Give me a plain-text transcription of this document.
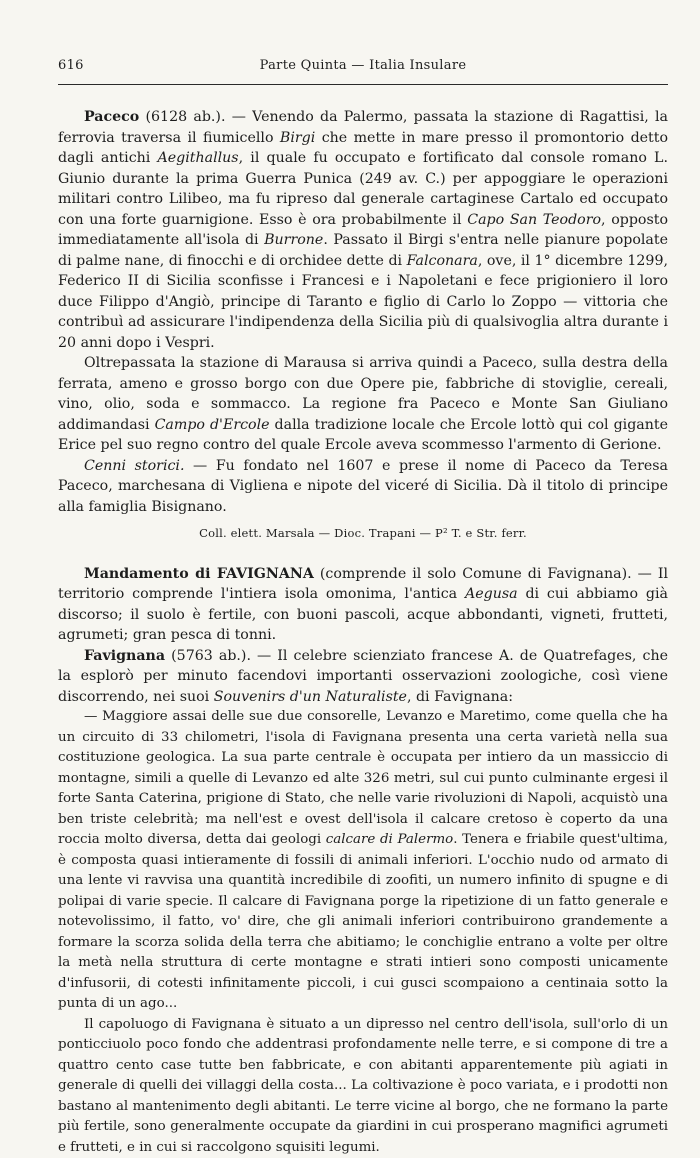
616	Parte Quinta — Italia Insulare

Paceco (6128 ab.). — Venendo da Palermo, passata la stazione di Ragattisi, la ferrovia traversa il fiumicello Birgi che mette in mare presso il promontorio detto dagli antichi Aegithallus, il quale fu occupato e fortificato dal console romano L. Giunio durante la prima Guerra Punica (249 av. C.) per appoggiare le operazioni militari contro Lilibeo, ma fu ripreso dal generale cartaginese Cartalo ed occupato con una forte guarnigione. Esso è ora probabilmente il Capo San Teodoro, opposto immediatamente all'isola di Burrone. Passato il Birgi s'entra nelle pianure popolate di palme nane, di finocchi e di orchidee dette di Falconara, ove, il 1° dicembre 1299, Federico II di Sicilia sconfisse i Francesi e i Napoletani e fece prigioniero il loro duce Filippo d'Angiò, principe di Taranto e figlio di Carlo lo Zoppo — vittoria che contribuì ad assicurare l'indipendenza della Sicilia più di qualsivoglia altra durante i 20 anni dopo i Vespri.

Oltrepassata la stazione di Marausa si arriva quindi a Paceco, sulla destra della ferrata, ameno e grosso borgo con due Opere pie, fabbriche di stoviglie, cereali, vino, olio, soda e sommacco. La regione fra Paceco e Monte San Giuliano addimandasi Campo d'Ercole dalla tradizione locale che Ercole lottò qui col gigante Erice pel suo regno contro del quale Ercole aveva scommesso l'armento di Gerione.

Cenni storici. — Fu fondato nel 1607 e prese il nome di Paceco da Teresa Paceco, marchesana di Vigliena e nipote del viceré di Sicilia. Dà il titolo di principe alla famiglia Bisignano.

Coll. elett. Marsala — Dioc. Trapani — P² T. e Str. ferr.

Mandamento di FAVIGNANA (comprende il solo Comune di Favignana). — Il territorio comprende l'intiera isola omonima, l'antica Aegusa di cui abbiamo già discorso; il suolo è fertile, con buoni pascoli, acque abbondanti, vigneti, frutteti, agrumeti; gran pesca di tonni.

Favignana (5763 ab.). — Il celebre scienziato francese A. de Quatrefages, che la esplorò per minuto facendovi importanti osservazioni zoologiche, così viene discorrendo, nei suoi Souvenirs d'un Naturaliste, di Favignana:

— Maggiore assai delle sue due consorelle, Levanzo e Maretimo, come quella che ha un circuito di 33 chilometri, l'isola di Favignana presenta una certa varietà nella sua costituzione geologica. La sua parte centrale è occupata per intiero da un massiccio di montagne, simili a quelle di Levanzo ed alte 326 metri, sul cui punto culminante ergesi il forte Santa Caterina, prigione di Stato, che nelle varie rivoluzioni di Napoli, acquistò una ben triste celebrità; ma nell'est e ovest dell'isola il calcare cretoso è coperto da una roccia molto diversa, detta dai geologi calcare di Palermo. Tenera e friabile quest'ultima, è composta quasi intieramente di fossili di animali inferiori. L'occhio nudo od armato di una lente vi ravvisa una quantità incredibile di zoofiti, un numero infinito di spugne e di polipai di varie specie. Il calcare di Favignana porge la ripetizione di un fatto generale e notevolissimo, il fatto, vo' dire, che gli animali inferiori contribuirono grandemente a formare la scorza solida della terra che abitiamo; le conchiglie entrano a volte per oltre la metà nella struttura di certe montagne e strati intieri sono composti unicamente d'infusorii, di cotesti infinitamente piccoli, i cui gusci scompaiono a centinaia sotto la punta di un ago...

Il capoluogo di Favignana è situato a un dipresso nel centro dell'isola, sull'orlo di un ponticciuolo poco fondo che addentrasi profondamente nelle terre, e si compone di tre a quattro cento case tutte ben fabbricate, e con abitanti apparentemente più agiati in generale di quelli dei villaggi della costa... La coltivazione è poco variata, e i prodotti non bastano al mantenimento degli abitanti. Le terre vicine al borgo, che ne formano la parte più fertile, sono generalmente occupate da giardini in cui prosperano magnifici agrumeti e frutteti, e in cui si raccolgono squisiti legumi.
